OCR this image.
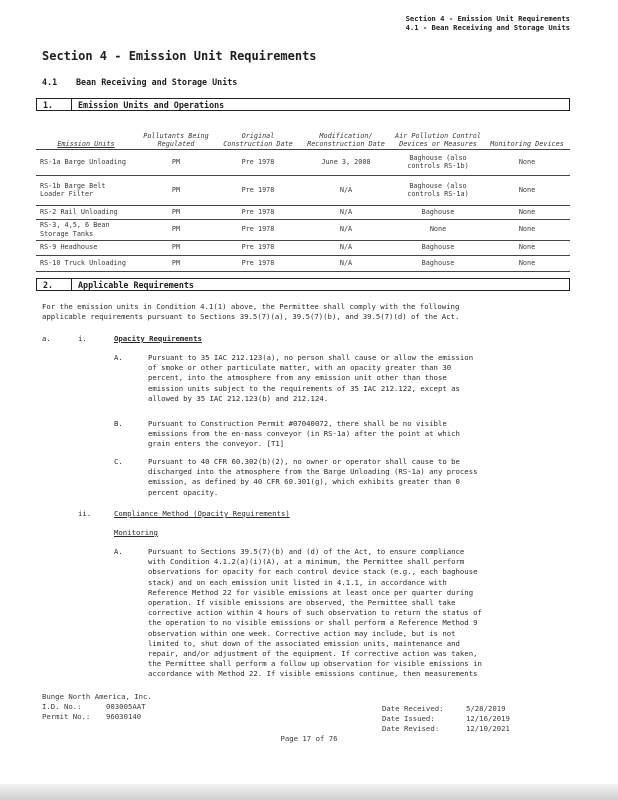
Section 4 - Emission Unit Requirements
4.1 - Bean Receiving and Storage Units
Section 4 - Emission Unit Requirements
4.1 Bean Receiving and Storage Units
1.	Emission Units and Operations
Emission Units	Pollutants Being Regulated	Original Construction Date	Modification/ Reconstruction Date	Air Pollution Control Devices or Measures	Monitoring Devices
RS-1a Barge Unloading	PM	Pre 1978	June 3, 2008	Baghouse (also controls RS-1b)	None
RS-1b Barge Belt Loader Filter	PM	Pre 1978	N/A	Baghouse (also controls RS-1a)	None
RS-2 Rail Unloading	PM	Pre 1978	N/A	Baghouse	None
RS-3, 4,5, 6 Bean Storage Tanks	PM	Pre 1978	N/A	None	None
RS-9 Headhouse	PM	Pre 1978	N/A	Baghouse	None
RS-10 Truck Unloading	PM	Pre 1978	N/A	Baghouse	None
2.	Applicable Requirements

For the emission units in Condition 4.1(1) above, the Permittee shall comply with the following

applicable requirements pursuant to Sections 39.5(7)(a), 39.5(7)(b), and 39.5(7)(d) of the Act.

a.	i.	Opacity Requirements
A.	Pursuant to 35 IAC 212.123(a), no person shall cause or allow the emission

of smoke or other particulate matter, with an opacity greater than 30

percent, into the atmosphere from any emission unit other than those

emission units subject to the requirements of 35 IAC 212.122, except as

allowed by 35 IAC 212.123(b) and 212.124.

B.	Pursuant to Construction Permit #07040072, there shall be no visible

emissions from the en-mass conveyor (in RS-1a) after the point at which

grain enters the conveyor. [T1]

C.	Pursuant to 40 CFR 60.302(b)(2), no owner or operator shall cause to be

discharged into the atmosphere from the Barge Unloading (RS-1a) any process

emission, as defined by 40 CFR 60.301(g), which exhibits greater than 0

percent opacity.

ii.	Compliance Method (Opacity Requirements)
Monitoring
A.	Pursuant to Sections 39.5(7)(b) and (d) of the Act, to ensure compliance

with Condition 4.1.2(a)(i)(A), at a minimum, the Permittee shall perform

observations for opacity for each control device stack (e.g., each baghouse

stack) and on each emission unit listed in 4.1.1, in accordance with

Reference Method 22 for visible emissions at least once per quarter during

operation. If visible emissions are observed, the Permittee shall take

corrective action within 4 hours of such observation to return the status of

the operation to no visible emissions or shall perform a Reference Method 9

observation within one week. Corrective action may include, but is not

limited to, shut down of the associated emission units, maintenance and

repair, and/or adjustment of the equipment. If corrective action was taken,

the Permittee shall perform a follow up observation for visible emissions in

accordance with Method 22. If visible emissions continue, then measurements

Bunge North America, Inc.

I.D. No.:	003005AAT

Permit No.: 96030140

Date Received:	5/28/2019

Date Issued:	12/16/2019

Date Revised:	12/10/2021

Page 17 of 76
